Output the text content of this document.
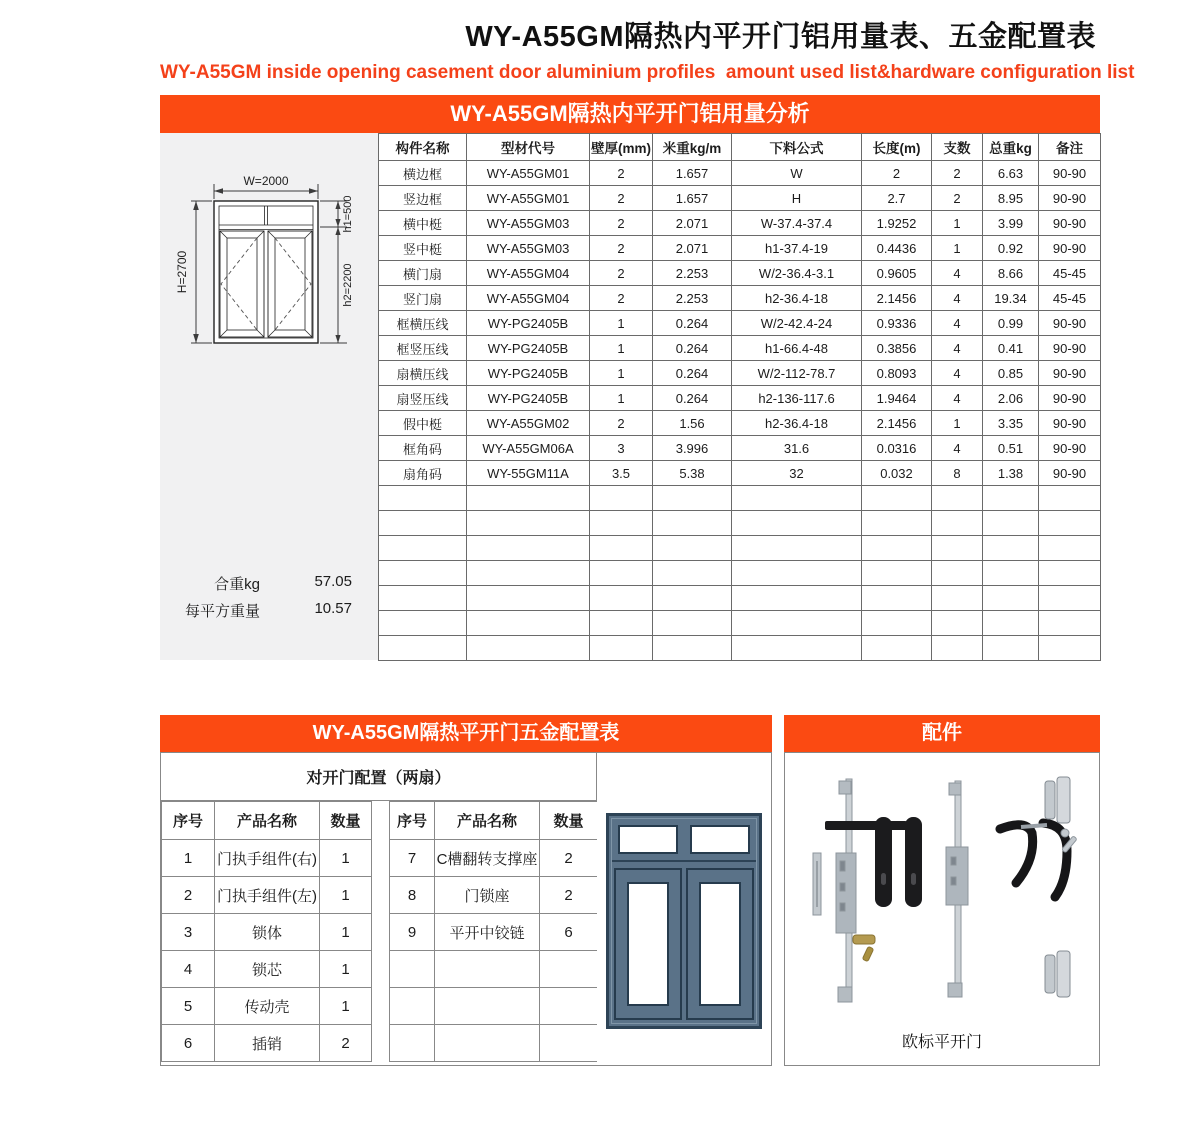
WY-A55GM隔热内平开门铝用量表、五金配置表
WY-A55GM inside opening casement door aluminium profiles  amount used list&hardware configuration list
WY-A55GM隔热内平开门铝用量分析
W=2000
H=2700
h1=500
h2=2200
合重kg	57.05
每平方重量	10.57
构件名称	型材代号	壁厚(mm)	米重kg/m	下料公式	长度(m)	支数	总重kg	备注
横边框	WY-A55GM01	2	1.657	W	2	2	6.63	90-90
竖边框	WY-A55GM01	2	1.657	H	2.7	2	8.95	90-90
横中梃	WY-A55GM03	2	2.071	W-37.4-37.4	1.9252	1	3.99	90-90
竖中梃	WY-A55GM03	2	2.071	h1-37.4-19	0.4436	1	0.92	90-90
横门扇	WY-A55GM04	2	2.253	W/2-36.4-3.1	0.9605	4	8.66	45-45
竖门扇	WY-A55GM04	2	2.253	h2-36.4-18	2.1456	4	19.34	45-45
框横压线	WY-PG2405B	1	0.264	W/2-42.4-24	0.9336	4	0.99	90-90
框竖压线	WY-PG2405B	1	0.264	h1-66.4-48	0.3856	4	0.41	90-90
扇横压线	WY-PG2405B	1	0.264	W/2-112-78.7	0.8093	4	0.85	90-90
扇竖压线	WY-PG2405B	1	0.264	h2-136-117.6	1.9464	4	2.06	90-90
假中梃	WY-A55GM02	2	1.56	h2-36.4-18	2.1456	1	3.35	90-90
框角码	WY-A55GM06A	3	3.996	31.6	0.0316	4	0.51	90-90
扇角码	WY-55GM11A	3.5	5.38	32	0.032	8	1.38	90-90

WY-A55GM隔热平开门五金配置表
对开门配置（两扇）
序号	产品名称	数量		序号	产品名称	数量
1	门执手组件(右)	1		7	C槽翻转支撑座	2
2	门执手组件(左)	1		8	门锁座	2
3	锁体	1		9	平开中铰链	6
4	锁芯	1				
5	传动壳	1				
6	插销	2				
配件
欧标平开门
